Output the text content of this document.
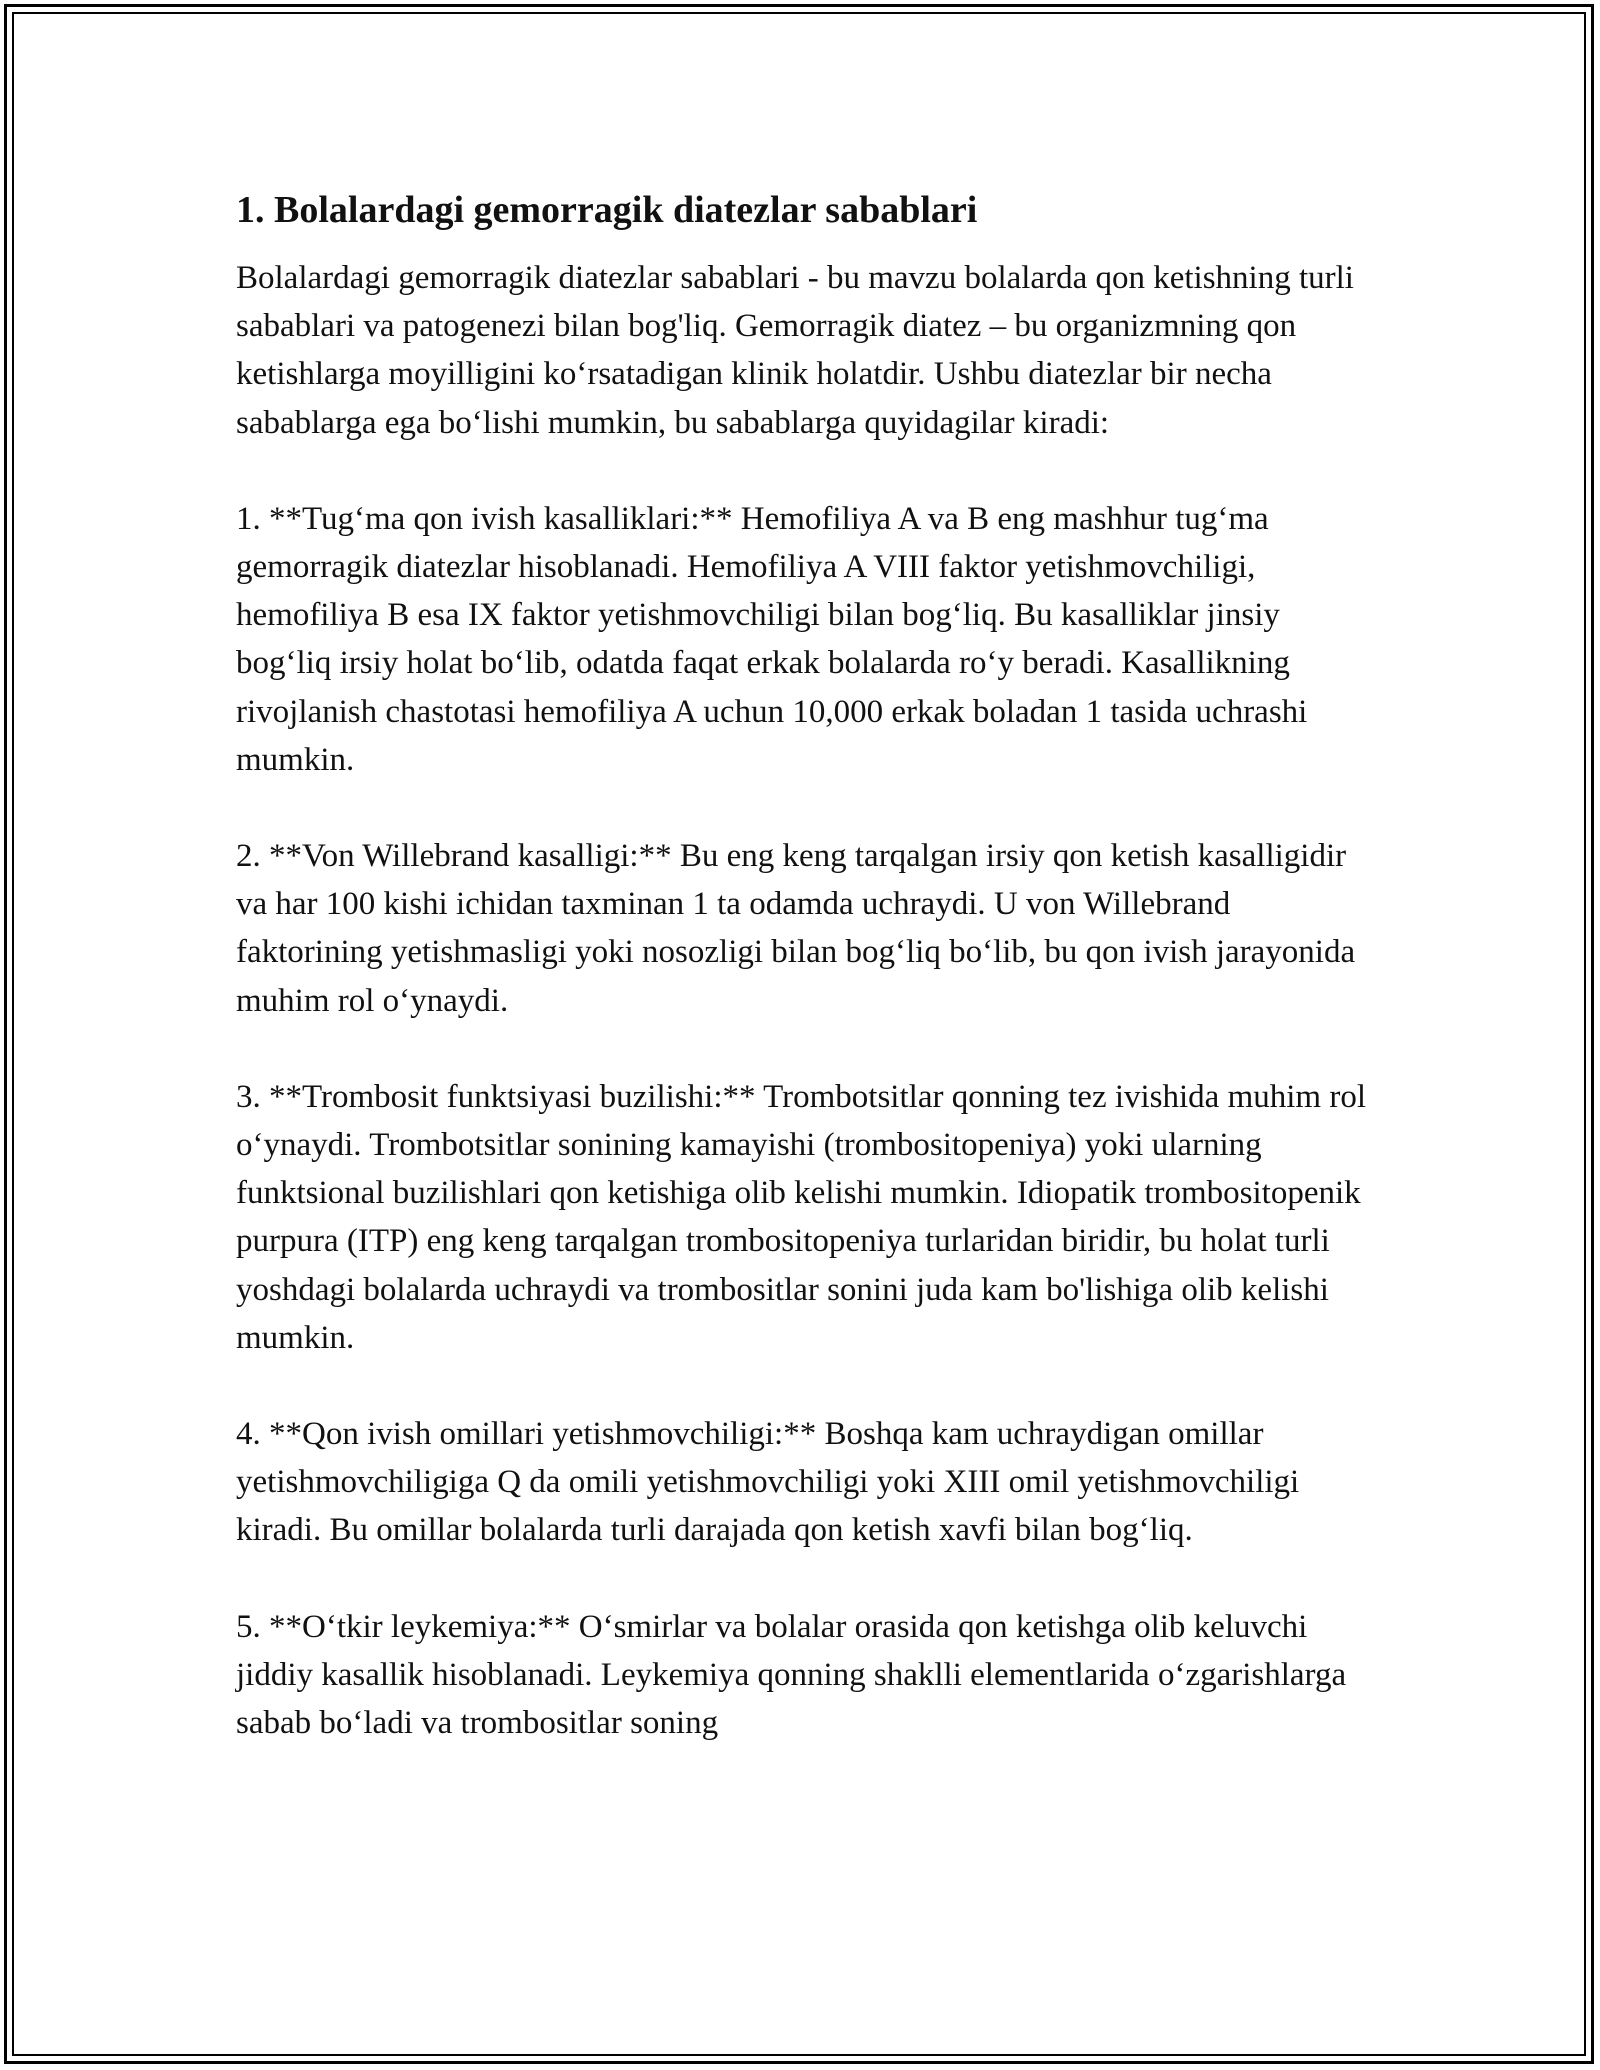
1. Bolalardagi gemorragik diatezlar sabablari

Bolalardagi gemorragik diatezlar sabablari - bu mavzu bolalarda qon ketishning turli sabablari va patogenezi bilan bog'liq. Gemorragik diatez – bu organizmning qon ketishlarga moyilligini ko‘rsatadigan klinik holatdir. Ushbu diatezlar bir necha sabablarga ega bo‘lishi mumkin, bu sabablarga quyidagilar kiradi:

1. **Tug‘ma qon ivish kasalliklari:** Hemofiliya A va B eng mashhur tug‘ma gemorragik diatezlar hisoblanadi. Hemofiliya A VIII faktor yetishmovchiligi, hemofiliya B esa IX faktor yetishmovchiligi bilan bog‘liq. Bu kasalliklar jinsiy bog‘liq irsiy holat bo‘lib, odatda faqat erkak bolalarda ro‘y beradi. Kasallikning rivojlanish chastotasi hemofiliya A uchun 10,000 erkak boladan 1 tasida uchrashi mumkin.

2. **Von Willebrand kasalligi:** Bu eng keng tarqalgan irsiy qon ketish kasalligidir va har 100 kishi ichidan taxminan 1 ta odamda uchraydi. U von Willebrand faktorining yetishmasligi yoki nosozligi bilan bog‘liq bo‘lib, bu qon ivish jarayonida muhim rol o‘ynaydi.

3. **Trombosit funktsiyasi buzilishi:** Trombotsitlar qonning tez ivishida muhim rol o‘ynaydi. Trombotsitlar sonining kamayishi (trombositopeniya) yoki ularning funktsional buzilishlari qon ketishiga olib kelishi mumkin. Idiopatik trombositopenik purpura (ITP) eng keng tarqalgan trombositopeniya turlaridan biridir, bu holat turli yoshdagi bolalarda uchraydi va trombositlar sonini juda kam bo'lishiga olib kelishi mumkin.

4. **Qon ivish omillari yetishmovchiligi:** Boshqa kam uchraydigan omillar yetishmovchiligiga Q da omili yetishmovchiligi yoki XIII omil yetishmovchiligi kiradi. Bu omillar bolalarda turli darajada qon ketish xavfi bilan bog‘liq.

5. **O‘tkir leykemiya:** O‘smirlar va bolalar orasida qon ketishga olib keluvchi jiddiy kasallik hisoblanadi. Leykemiya qonning shaklli elementlarida o‘zgarishlarga sabab bo‘ladi va trombositlar soning
